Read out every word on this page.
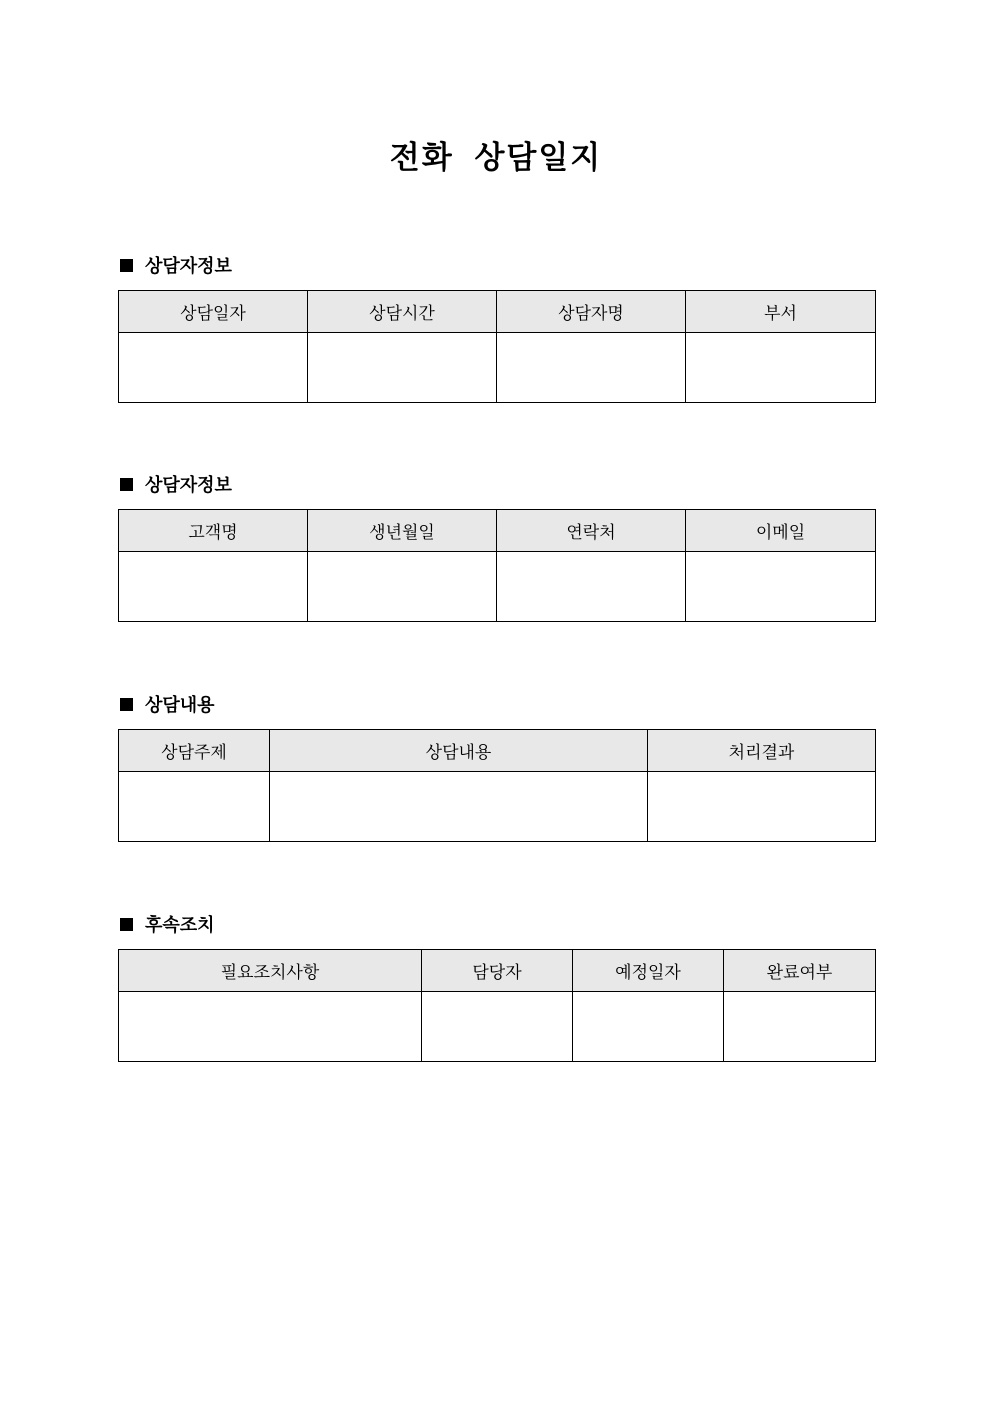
전화 상담일지
상담자정보
상담일자	상담시간	상담자명	부서

상담자정보
고객명	생년월일	연락처	이메일

상담내용
상담주제	상담내용	처리결과

후속조치
필요조치사항	담당자	예정일자	완료여부
